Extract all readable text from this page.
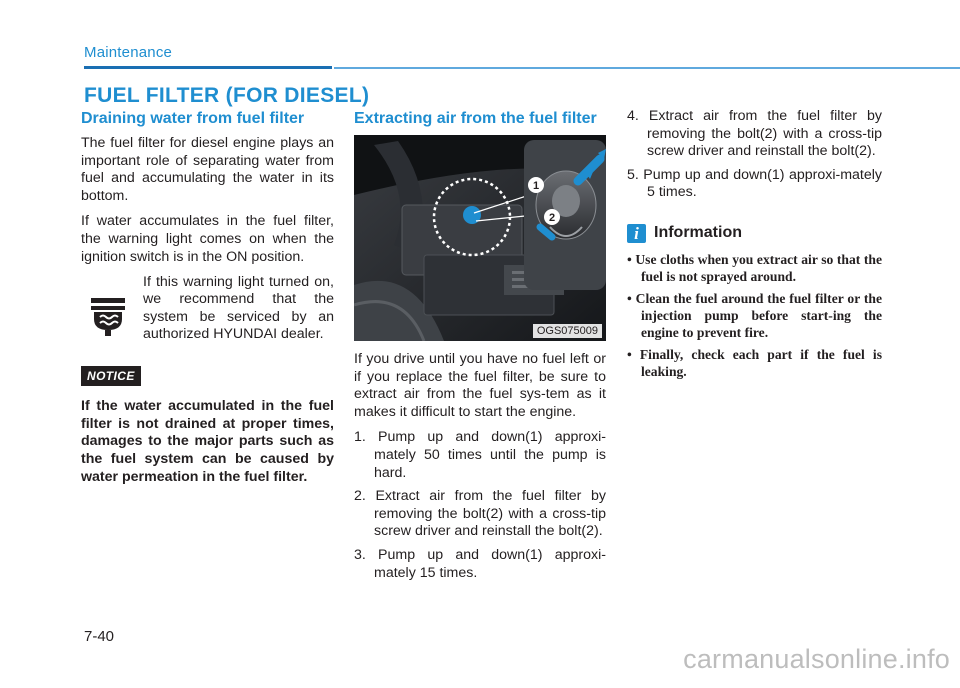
Maintenance
FUEL FILTER (FOR DIESEL)
Draining water from fuel filter

The fuel filter for diesel engine plays an important role of separating water from fuel and accumulating the water in its bottom.

If water accumulates in the fuel filter, the warning light comes on when the ignition switch is in the ON position.

If this warning light turned on, we recommend that the system be serviced by an authorized HYUNDAI dealer.

NOTICE

If the water accumulated in the fuel filter is not drained at proper times, damages to the major parts such as the fuel system can be caused by water permeation in the fuel filter.

Extracting air from the fuel filter
1
2
OGS075009

If you drive until you have no fuel left or if you replace the fuel filter, be sure to extract air from the fuel sys-tem as it makes it difficult to start the engine.

1. Pump up and down(1) approxi-mately 50 times until the pump is hard.
2. Extract air from the fuel filter by removing the bolt(2) with a cross-tip screw driver and reinstall the bolt(2).
3. Pump up and down(1) approxi-mately 15 times.
4. Extract air from the fuel filter by removing the bolt(2) with a cross-tip screw driver and reinstall the bolt(2).
5. Pump up and down(1) approxi-mately 5 times.
i Information
• Use cloths when you extract air so that the fuel is not sprayed around.
• Clean the fuel around the fuel filter or the injection pump before start-ing the engine to prevent fire.
• Finally, check each part if the fuel is leaking.
7-40
carmanualsonline.info
